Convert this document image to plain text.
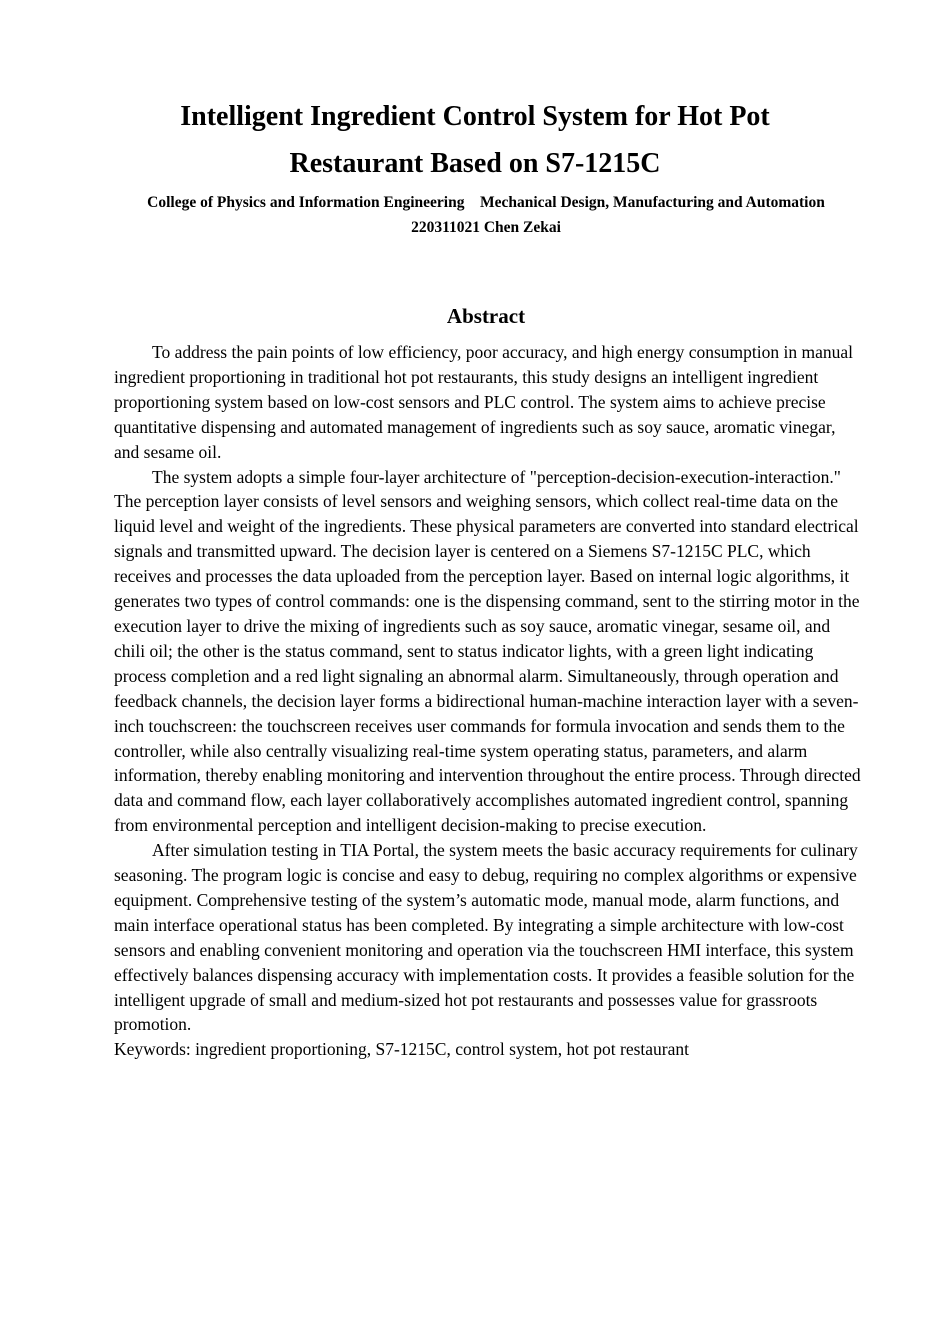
Intelligent Ingredient Control System for Hot Pot
Restaurant Based on S7-1215C

College of Physics and Information Engineering    Mechanical Design, Manufacturing and Automation

220311021 Chen Zekai

Abstract

To address the pain points of low efficiency, poor accuracy, and high energy consumption in manual ingredient proportioning in traditional hot pot restaurants, this study designs an intelligent ingredient proportioning system based on low-cost sensors and PLC control. The system aims to achieve precise quantitative dispensing and automated management of ingredients such as soy sauce, aromatic vinegar, and sesame oil.

The system adopts a simple four-layer architecture of "perception-decision-execution-interaction." The perception layer consists of level sensors and weighing sensors, which collect real-time data on the liquid level and weight of the ingredients. These physical parameters are converted into standard electrical signals and transmitted upward. The decision layer is centered on a Siemens S7-1215C PLC, which receives and processes the data uploaded from the perception layer. Based on internal logic algorithms, it generates two types of control commands: one is the dispensing command, sent to the stirring motor in the execution layer to drive the mixing of ingredients such as soy sauce, aromatic vinegar, sesame oil, and chili oil; the other is the status command, sent to status indicator lights, with a green light indicating process completion and a red light signaling an abnormal alarm. Simultaneously, through operation and feedback channels, the decision layer forms a bidirectional human-machine interaction layer with a seven-inch touchscreen: the touchscreen receives user commands for formula invocation and sends them to the controller, while also centrally visualizing real-time system operating status, parameters, and alarm information, thereby enabling monitoring and intervention throughout the entire process. Through directed data and command flow, each layer collaboratively accomplishes automated ingredient control, spanning from environmental perception and intelligent decision-making to precise execution.

After simulation testing in TIA Portal, the system meets the basic accuracy requirements for culinary seasoning. The program logic is concise and easy to debug, requiring no complex algorithms or expensive equipment. Comprehensive testing of the system’s automatic mode, manual mode, alarm functions, and main interface operational status has been completed. By integrating a simple architecture with low-cost sensors and enabling convenient monitoring and operation via the touchscreen HMI interface, this system effectively balances dispensing accuracy with implementation costs. It provides a feasible solution for the intelligent upgrade of small and medium-sized hot pot restaurants and possesses value for grassroots promotion.

Keywords: ingredient proportioning, S7-1215C, control system, hot pot restaurant
